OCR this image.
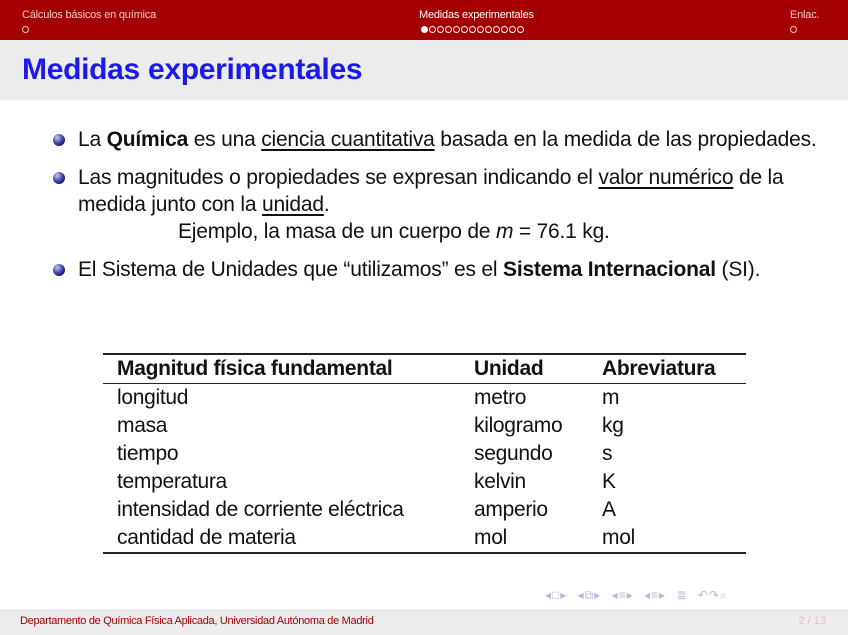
Cálculos básicos en química	Medidas experimentales	Enlac.
Medidas experimentales
La Química es una ciencia cuantitativa basada en la medida de las propiedades.
Las magnitudes o propiedades se expresan indicando el valor numérico de la medida junto con la unidad.
Ejemplo, la masa de un cuerpo de m = 76.1 kg.
El Sistema de Unidades que “utilizamos” es el Sistema Internacional (SI).
Magnitud física fundamental	Unidad	Abreviatura
longitud	metro	m
masa	kilogramo	kg
tiempo	segundo	s
temperatura	kelvin	K
intensidad de corriente eléctrica	amperio	A
cantidad de materia	mol	mol
◂□▸ ◂⧉▸ ◂≡▸ ◂≡▸ ≣ ↶↷⌕
Departamento de Química Física Aplicada, Universidad Autónoma de Madrid	2 / 13
